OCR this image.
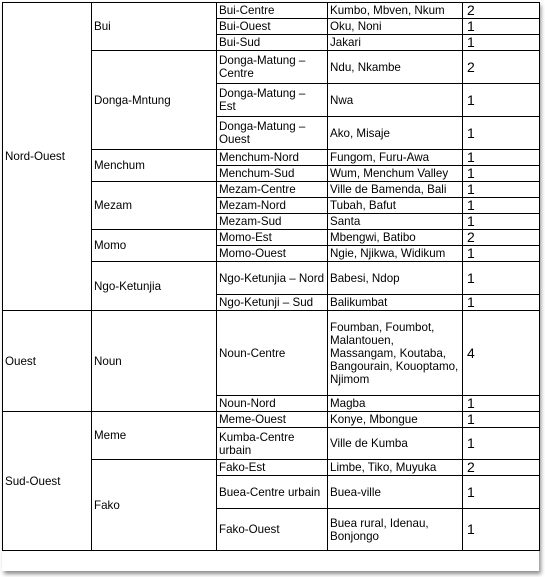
Nord-Ouest	Bui	Bui-Centre	Kumbo, Mbven, Nkum	2
		Bui-Ouest	Oku, Noni	1
		Bui-Sud	Jakari	1
	Donga-Mntung	Donga-Matung – Centre	Ndu, Nkambe	2
		Donga-Matung – Est	Nwa	1
		Donga-Matung – Ouest	Ako, Misaje	1
	Menchum	Menchum-Nord	Fungom, Furu-Awa	1
		Menchum-Sud	Wum, Menchum Valley	1
	Mezam	Mezam-Centre	Ville de Bamenda, Bali	1
		Mezam-Nord	Tubah, Bafut	1
		Mezam-Sud	Santa	1
	Momo	Momo-Est	Mbengwi, Batibo	2
		Momo-Ouest	Ngie, Njikwa, Widikum	1
	Ngo-Ketunjia	Ngo-Ketunjia – Nord	Babesi, Ndop	1
		Ngo-Ketunji – Sud	Balikumbat	1
Ouest	Noun	Noun-Centre	Foumban, Foumbot, Malantouen, Massangam, Koutaba, Bangourain, Kouoptamo, Njimom	4
		Noun-Nord	Magba	1
Sud-Ouest	Meme	Meme-Ouest	Konye, Mbongue	1
		Kumba-Centre urbain	Ville de Kumba	1
	Fako	Fako-Est	Limbe, Tiko, Muyuka	2
		Buea-Centre urbain	Buea-ville	1
		Fako-Ouest	Buea rural, Idenau, Bonjongo	1
